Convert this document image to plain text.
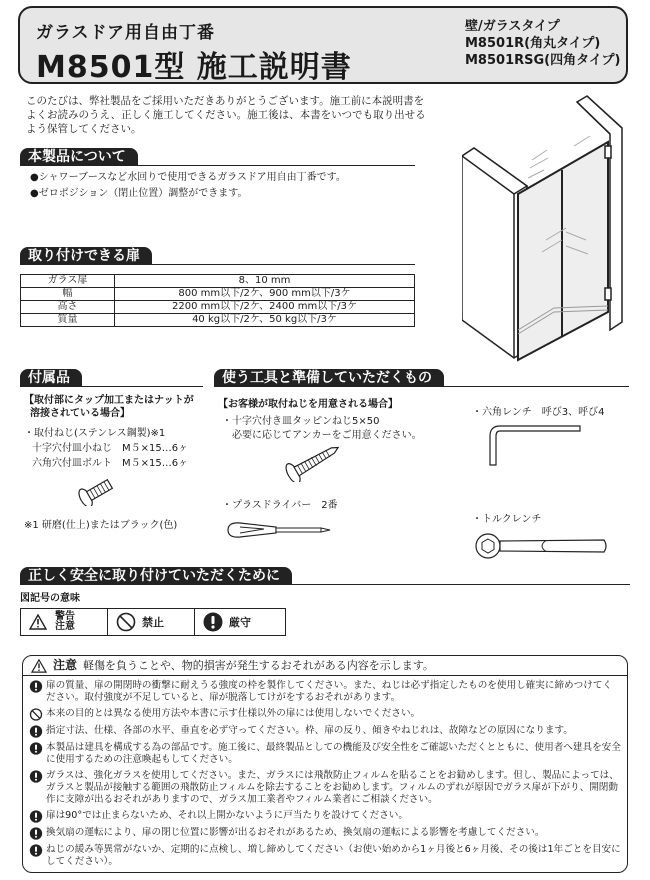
ガラスドア用自由丁番
M8501型 施工説明書
壁/ガラスタイプ
M8501R(角丸タイプ)
M8501RSG(四角タイプ)
このたびは、弊社製品をご採用いただきありがとうございます。施工前に本説明書をよくお読みのうえ、正しく施工してください。施工後は、本書をいつでも取り出せるよう保管してください。
本製品について
●シャワーブースなど水回りで使用できるガラスドア用自由丁番です。
●ゼロポジション（閉止位置）調整ができます。
取り付けできる扉
ガラス扉	8、10 mm
幅	800 mm以下/2ケ、900 mm以下/3ケ
高さ	2200 mm以下/2ケ、2400 mm以下/3ケ
質量	40 kg以下/2ケ、50 kg以下/3ケ
付属品
【取付部にタップ加工またはナットが
溶接されている場合】
・取付ねじ(ステンレス鋼製)※1
十字穴付皿小ねじ　M５×15…6ヶ
六角穴付皿ボルト　M５×15…6ヶ
※1 研磨(仕上)またはブラック(色)
使う工具と準備していただくもの
【お客様が取付ねじを用意される場合】
・十字穴付き皿タッピンねじ5×50
必要に応じてアンカーをご用意ください。
・プラスドライバー　2番
・六角レンチ　呼び3、呼び4
・トルクレンチ
正しく安全に取り付けていただくために
図記号の意味
警告
注意	禁止	厳守
注意 軽傷を負うことや、物的損害が発生するおそれがある内容を示します。
扉の質量、扉の開閉時の衝撃に耐えうる強度の枠を製作してください。また、ねじは必ず指定したものを使用し確実に締めつけてください。取付強度が不足していると、扉が脱落してけがをするおそれがあります。
本来の目的とは異なる使用方法や本書に示す仕様以外の扉には使用しないでください。
指定寸法、仕様、各部の水平、垂直を必ず守ってください。枠、扉の反り、傾きやねじれは、故障などの原因になります。
本製品は建具を構成する為の部品です。施工後に、最終製品としての機能及び安全性をご確認いただくとともに、使用者へ建具を安全に使用するための注意喚起もしてください。
ガラスは、強化ガラスを使用してください。また、ガラスには飛散防止フィルムを貼ることをお勧めします。但し、製品によっては、ガラスと製品が接触する範囲の飛散防止フィルムを除去することをお勧めします。フィルムのずれが原因でガラス扉が下がり、開閉動作に支障が出るおそれがありますので、ガラス加工業者やフィルム業者にご相談ください。
扉は90°では止まらないため、それ以上開かないように戸当たりを設けてください。
換気扇の運転により、扉の閉じ位置に影響が出るおそれがあるため、換気扇の運転による影響を考慮してください。
ねじの緩み等異常がないか、定期的に点検し、増し締めしてください（お使い始めから1ヶ月後と6ヶ月後、その後は1年ごとを目安にしてください）。
